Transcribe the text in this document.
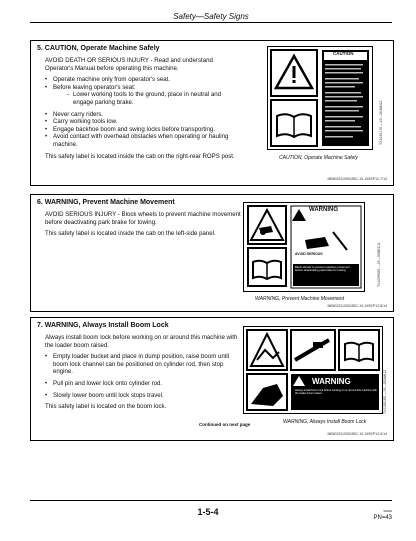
Safety—Safety Signs
5. CAUTION, Operate Machine Safely

AVOID DEATH OR SERIOUS INJURY - Read and understand Operator's Manual before operating this machine.

• Operate machine only from operator's seat.
• Before leaving operator's seat:
- Lower working tools to the ground, place in neutral and engage parking brake.
• Never carry riders.
• Carry working tools low.
• Engage backhoe boom and swing locks before transporting.
• Avoid contact with overhead obstacles when operating or hauling machine.

This safety label is located inside the cab on the right-rear ROPS post.

CAUTION
CAUTION, Operate Machine Safely
TX1032176 —19—26JAN12
MB60223,00002BC-19-19SEP12-7/14
6. WARNING, Prevent Machine Movement

AVOID SERIOUS INJURY - Block wheels to prevent machine movement before deactivating park brake for towing.

This safety label is located inside the cab on the left-side panel.

WARNING
AVOID SERIOUS
Block wheels to prevent machine movement before deactivating park brake for towing.
WARNING, Prevent Machine Movement
TX1099683 —19—06DEC11
MB60223,00002BC-19-19SEP12-8/14
7. WARNING, Always Install Boom Lock

Always install boom lock before working on or around this machine with the loader boom raised.

• Empty loader bucket and place in dump position, raise boom until boom lock channel can be positioned on cylinder rod, then stop engine.
• Pull pin and lower lock onto cylinder rod.
• Slowly lower boom until lock stops travel.

This safety label is located on the boom lock.

WARNING
Always install boom lock before working on or around this machine with the loader boom raised.
Continued on next page	WARNING, Always Install Boom Lock
TX1150185 —19—26JAN12
MB60223,00002BC-19-19SEP12-9/14
1-5-4	S0000
PN=43
